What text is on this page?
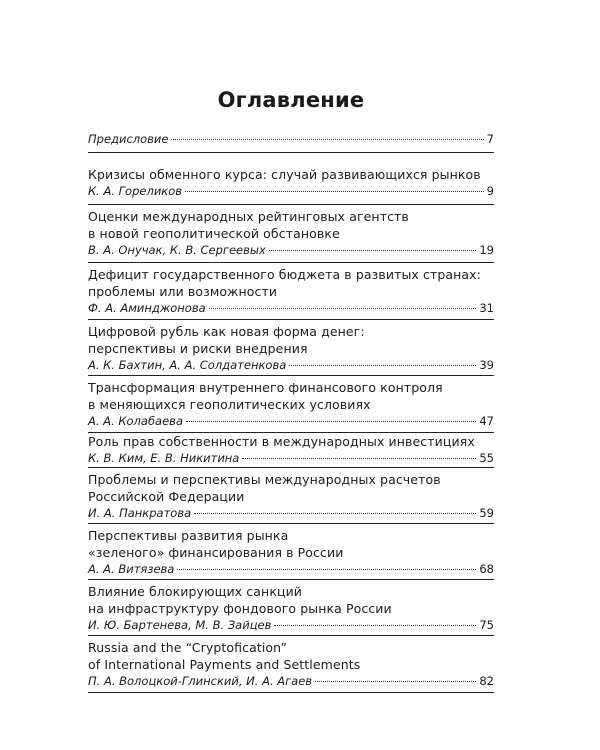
Оглавление
Предисловие	7
Кризисы обменного курса: случай развивающихся рынков
К. А. Гореликов	9
Оценки международных рейтинговых агентств
в новой геополитической обстановке
В. А. Онучак, К. В. Сергеевых	19
Дефицит государственного бюджета в развитых странах:
проблемы или возможности
Ф. А. Аминджонова	31
Цифровой рубль как новая форма денег:
перспективы и риски внедрения
А. К. Бахтин, А. А. Солдатенкова	39
Трансформация внутреннего финансового контроля
в меняющихся геополитических условиях
А. А. Колабаева	47
Роль прав собственности в международных инвестициях
К. В. Ким, Е. В. Никитина	55
Проблемы и перспективы международных расчетов
Российской Федерации
И. А. Панкратова	59
Перспективы развития рынка
«зеленого» финансирования в России
А. А. Витязева	68
Влияние блокирующих санкций
на инфраструктуру фондового рынка России
И. Ю. Бартенева, М. В. Зайцев	75
Russia and the “Cryptoﬁcation”
of International Payments and Settlements
П. А. Волоцкой-Глинский, И. А. Агаев	82
